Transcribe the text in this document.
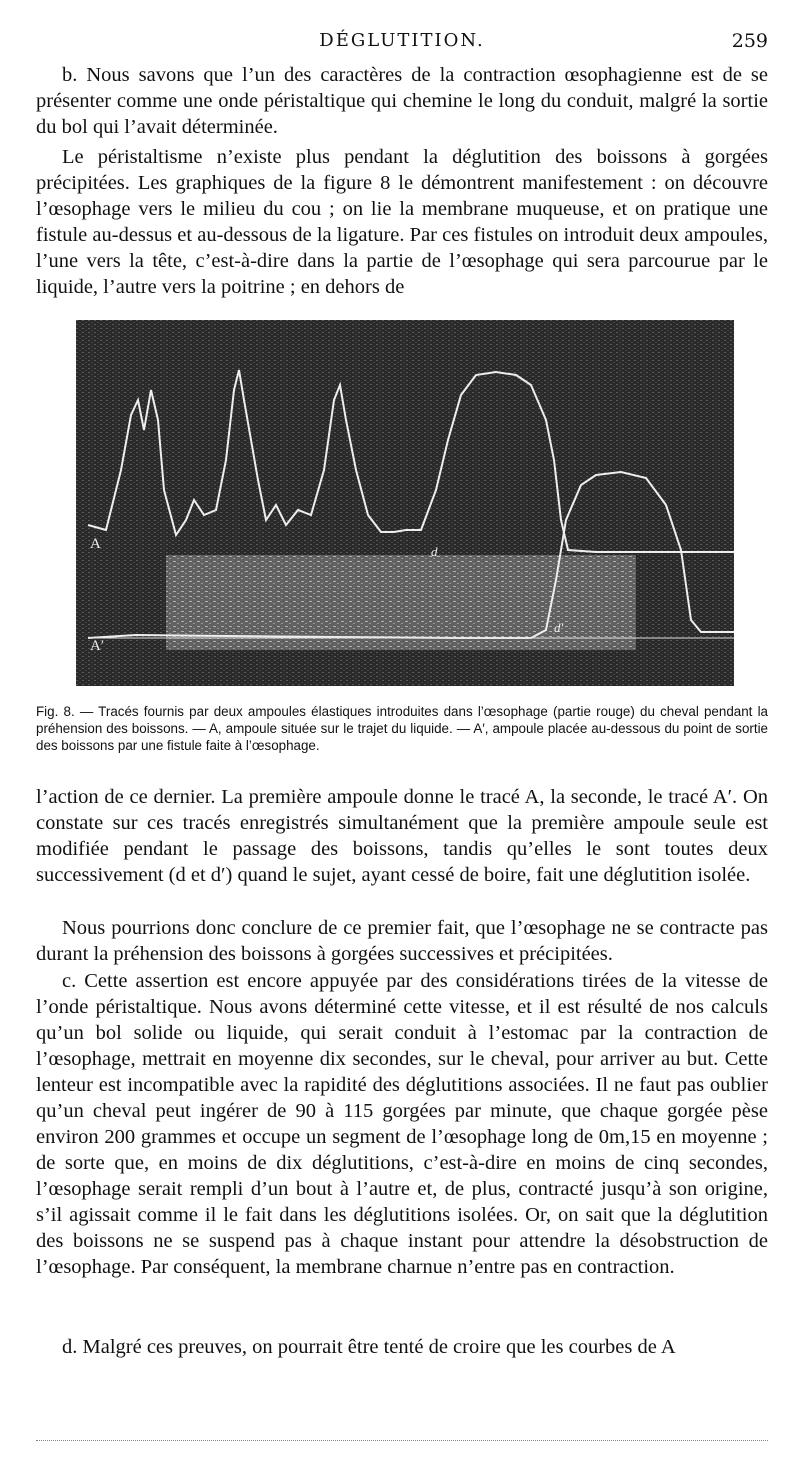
DÉGLUTITION.	259

b. Nous savons que l’un des caractères de la contraction œsophagienne est de se présenter comme une onde péristaltique qui chemine le long du conduit, malgré la sortie du bol qui l’avait déterminée.

Le péristaltisme n’existe plus pendant la déglutition des boissons à gorgées précipitées. Les graphiques de la figure 8 le démontrent manifestement : on découvre l’œsophage vers le milieu du cou ; on lie la membrane muqueuse, et on pratique une fistule au-dessus et au-dessous de la ligature. Par ces fistules on introduit deux ampoules, l’une vers la tête, c’est-à-dire dans la partie de l’œsophage qui sera parcourue par le liquide, l’autre vers la poitrine ; en dehors de

A
A′
d
d′

Fig. 8. — Tracés fournis par deux ampoules élastiques introduites dans l’œsophage (partie rouge) du cheval pendant la préhension des boissons. — A, ampoule située sur le trajet du liquide. — A′, ampoule placée au-dessous du point de sortie des boissons par une fistule faite à l’œsophage.

l’action de ce dernier. La première ampoule donne le tracé A, la seconde, le tracé A′. On constate sur ces tracés enregistrés simultanément que la première ampoule seule est modifiée pendant le passage des boissons, tandis qu’elles le sont toutes deux successivement (d et d′) quand le sujet, ayant cessé de boire, fait une déglutition isolée.

Nous pourrions donc conclure de ce premier fait, que l’œsophage ne se contracte pas durant la préhension des boissons à gorgées successives et précipitées.

c. Cette assertion est encore appuyée par des considérations tirées de la vitesse de l’onde péristaltique. Nous avons déterminé cette vitesse, et il est résulté de nos calculs qu’un bol solide ou liquide, qui serait conduit à l’estomac par la contraction de l’œsophage, mettrait en moyenne dix secondes, sur le cheval, pour arriver au but. Cette lenteur est incompatible avec la rapidité des déglutitions associées. Il ne faut pas oublier qu’un cheval peut ingérer de 90 à 115 gorgées par minute, que chaque gorgée pèse environ 200 grammes et occupe un segment de l’œsophage long de 0m,15 en moyenne ; de sorte que, en moins de dix déglutitions, c’est-à-dire en moins de cinq secondes, l’œsophage serait rempli d’un bout à l’autre et, de plus, contracté jusqu’à son origine, s’il agissait comme il le fait dans les déglutitions isolées. Or, on sait que la déglutition des boissons ne se suspend pas à chaque instant pour attendre la désobstruction de l’œsophage. Par conséquent, la membrane charnue n’entre pas en contraction.

d. Malgré ces preuves, on pourrait être tenté de croire que les courbes de A
